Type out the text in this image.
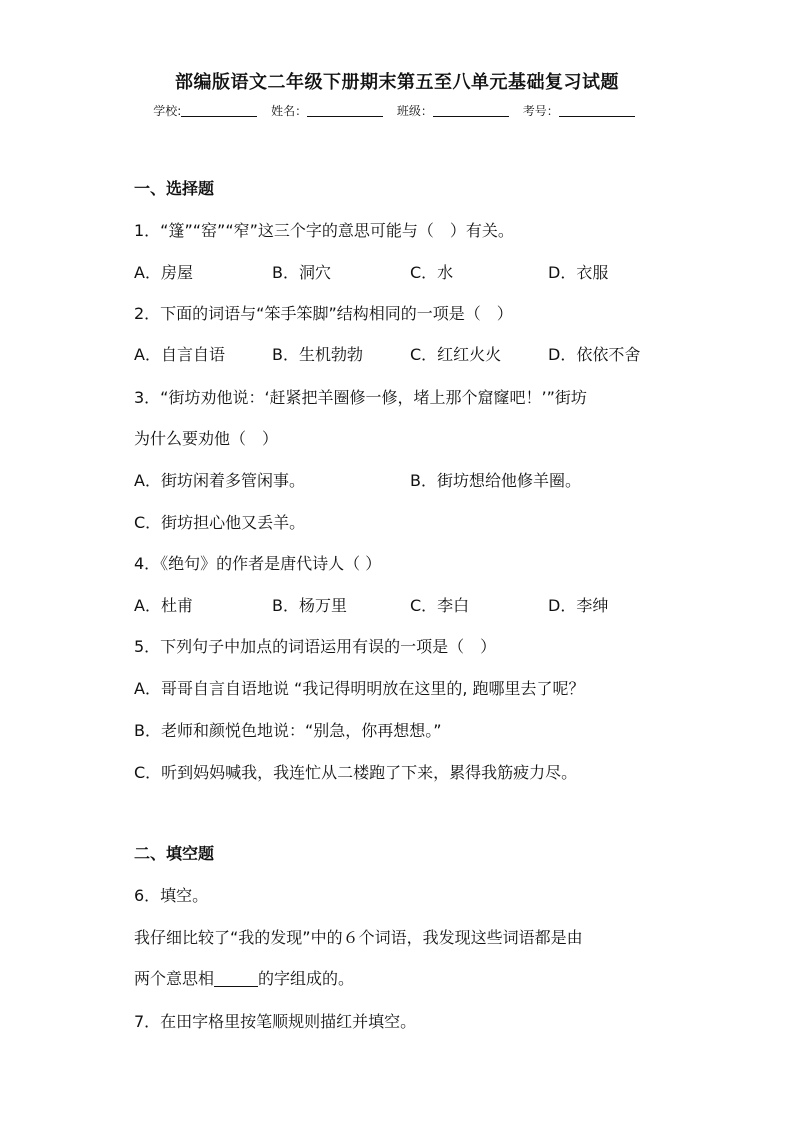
部编版语文二年级下册期末第五至八单元基础复习试题
学校:	姓名：	班级：	考号：
一、选择题
1．“篷”“窑”“窄”这三个字的意思可能与（　）有关。
A．房屋	B．洞穴	C．水	D．衣服
2．下面的词语与“笨手笨脚”结构相同的一项是（　）
A．自言自语	B．生机勃勃	C．红红火火	D．依依不舍
3．“街坊劝他说：‘赶紧把羊圈修一修，堵上那个窟窿吧！’”街坊
为什么要劝他（　）
A．街坊闲着多管闲事。	B．街坊想给他修羊圈。
C．街坊担心他又丢羊。
4．《绝句》的作者是唐代诗人（ ）
A．杜甫	B．杨万里	C．李白	D．李绅
5．下列句子中加点的词语运用有误的一项是（　）
A．哥哥自言自语地说 “我记得明明放在这里的, 跑哪里去了呢？
B．老师和颜悦色地说：“别急，你再想想。”
C．听到妈妈喊我，我连忙从二楼跑了下来，累得我筋疲力尽。
二、填空题
6．填空。
我仔细比较了“我的发现”中的６个词语，我发现这些词语都是由
两个意思相	的字组成的。
7．在田字格里按笔顺规则描红并填空。
